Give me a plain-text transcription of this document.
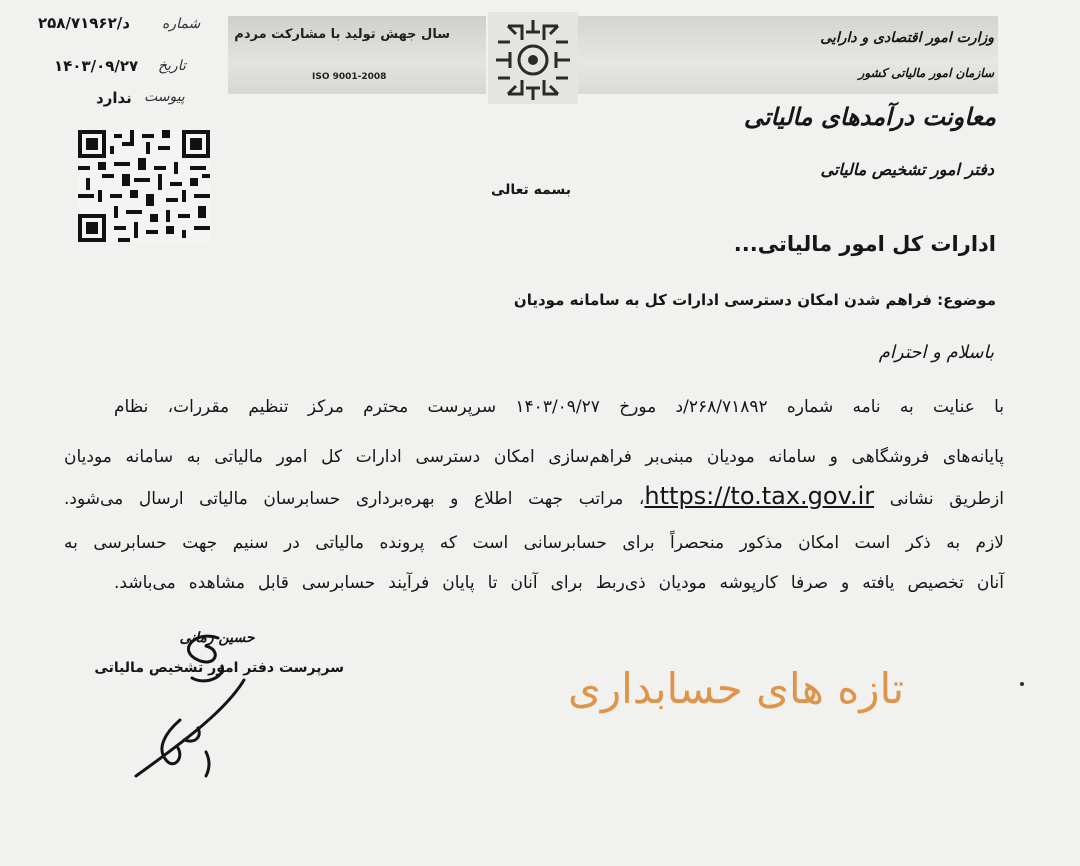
سال جهش تولید با مشارکت مردم
ISO 9001-2008
وزارت امور اقتصادی و دارایی
سازمان امور مالیاتی کشور
د/۲۵۸/۷۱۹۶۲ شماره
۱۴۰۳/۰۹/۲۷ تاریخ
پیوست
ندارد
معاونت درآمدهای مالیاتی
دفتر امور تشخیص مالیاتی
بسمه تعالی
ادارات کل امور مالیاتی...
موضوع: فراهم شدن امکان دسترسی ادارات کل به سامانه مودیان
باسلام و احترام
با عنایت به نامه شماره ۲۶۸/۷۱۸۹۲/د مورخ ۱۴۰۳/۰۹/۲۷ سرپرست محترم مرکز تنظیم مقررات، نظام
پایانه‌های فروشگاهی و سامانه مودیان مبنی‌بر فراهم‌سازی امکان دسترسی ادارات کل امور مالیاتی به سامانه مودیان
ازطریق نشانی https://to.tax.gov.ir، مراتب جهت اطلاع و بهره‌برداری حسابرسان مالیاتی ارسال می‌شود.
لازم به ذکر است امکان مذکور منحصراً برای حسابرسانی است که پرونده مالیاتی در سنیم جهت حسابرسی به
آنان تخصیص یافته و صرفا کارپوشه مودیان ذی‌ربط برای آنان تا پایان فرآیند حسابرسی قابل مشاهده می‌باشد.
حسین زمانی
سرپرست دفتر امور تشخیص مالیاتی	تازه های حسابداری
